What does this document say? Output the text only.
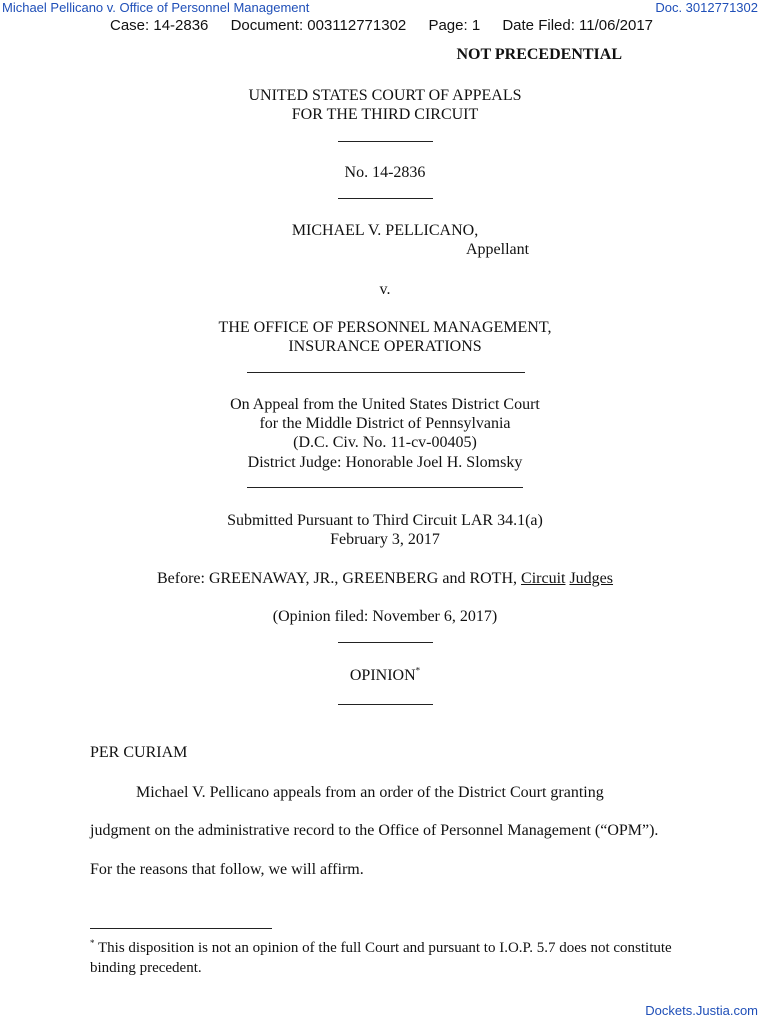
Michael Pellicano v. Office of Personnel Management	Doc. 3012771302
Case: 14-2836 Document: 003112771302 Page: 1 Date Filed: 11/06/2017
NOT PRECEDENTIAL
UNITED STATES COURT OF APPEALS
FOR THE THIRD CIRCUIT
No. 14-2836
MICHAEL V. PELLICANO,
Appellant
v.
THE OFFICE OF PERSONNEL MANAGEMENT,
INSURANCE OPERATIONS
On Appeal from the United States District Court
for the Middle District of Pennsylvania
(D.C. Civ. No. 11-cv-00405)
District Judge: Honorable Joel H. Slomsky
Submitted Pursuant to Third Circuit LAR 34.1(a)
February 3, 2017
Before: GREENAWAY, JR., GREENBERG and ROTH, Circuit Judges
(Opinion filed: November 6, 2017)
OPINION*
PER CURIAM
Michael V. Pellicano appeals from an order of the District Court granting
judgment on the administrative record to the Office of Personnel Management (“OPM”).
For the reasons that follow, we will affirm.
* This disposition is not an opinion of the full Court and pursuant to I.O.P. 5.7 does not constitute binding precedent.
Dockets.Justia.com
